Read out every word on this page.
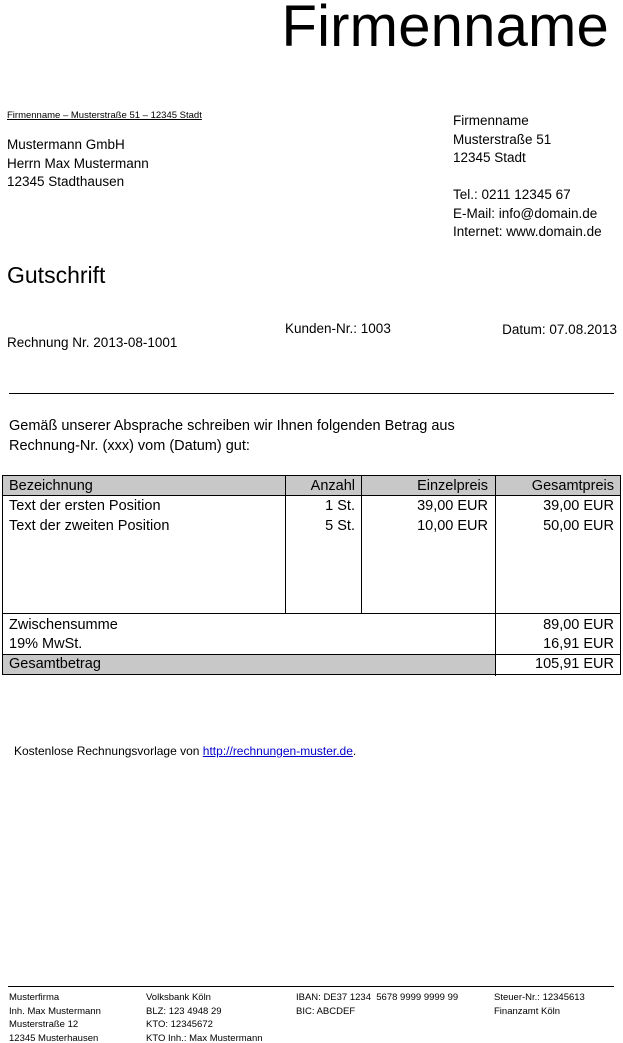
Firmenname
Firmenname – Musterstraße 51 – 12345 Stadt
Mustermann GmbH
Herrn Max Mustermann
12345 Stadthausen
Firmenname
Musterstraße 51
12345 Stadt
Tel.: 0211 12345 67
E-Mail: info@domain.de
Internet: www.domain.de
Gutschrift
Rechnung Nr. 2013-08-1001
Kunden-Nr.: 1003	Datum: 07.08.2013
Gemäß unserer Absprache schreiben wir Ihnen folgenden Betrag aus
Rechnung-Nr. (xxx) vom (Datum) gut:
Bezeichnung	Anzahl	Einzelpreis	Gesamtpreis
Text der ersten Position	1 St.	39,00 EUR	39,00 EUR
Text der zweiten Position	5 St.	10,00 EUR	50,00 EUR
Zwischensumme	89,00 EUR
19% MwSt.	16,91 EUR
Gesamtbetrag	105,91 EUR
Kostenlose Rechnungsvorlage von http://rechnungen-muster.de.
Musterfirma
Inh. Max Mustermann
Musterstraße 12
12345 Musterhausen
Volksbank Köln
BLZ: 123 4948 29
KTO: 12345672
KTO Inh.: Max Mustermann
IBAN: DE37 1234  5678 9999 9999 99
BIC: ABCDEF
Steuer-Nr.: 12345613
Finanzamt Köln
